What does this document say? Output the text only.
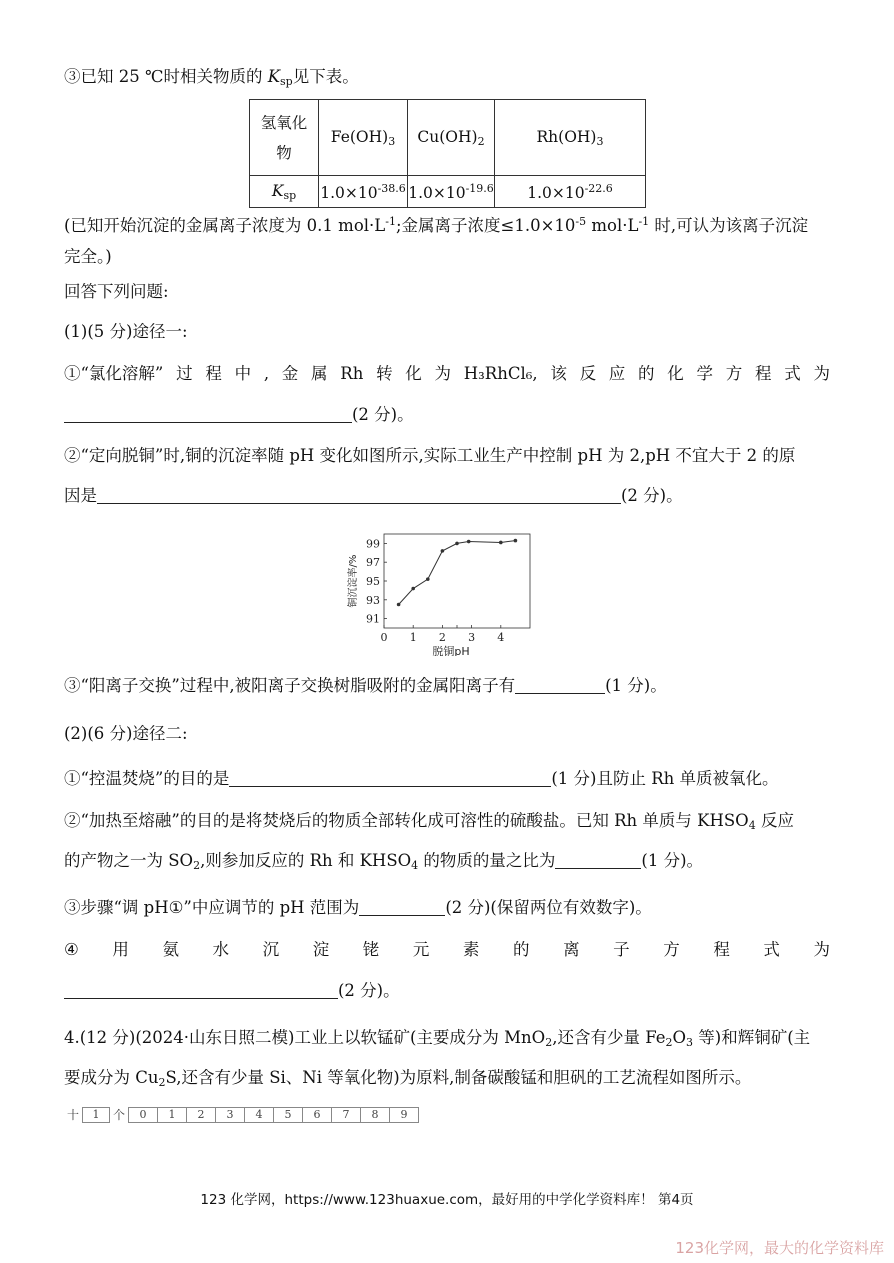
③已知 25 ℃时相关物质的 $K_{sp}$见下表。
氢氧化物	$Fe(OH)_3$	$Cu(OH)_2$	$Rh(OH)_3$
$K_{sp}$	$1.0\times 10^{-38.6}$	$1.0\times 10^{-19.6}$	$1.0\times 10^{-22.6}$
(已知开始沉淀的金属离子浓度为 0.1 $mol\cdot L^{-1}$;金属离子浓度$\le 1.0\times 10^{-5}$ $mol\cdot L^{-1}$ 时,可认为该离子沉淀
完全。)
回答下列问题:
(1)(5 分)途径一:
①“氯化溶解” 过 程 中 , 金 属 Rh 转 化 为 H₃RhCl₆, 该 反 应 的 化 学 方 程 式 为
(2 分)。
②“定向脱铜”时,铜的沉淀率随 pH 变化如图所示,实际工业生产中控制 pH 为 2,pH 不宜大于 2 的原
因是	(2 分)。
91
93
95
97
99
0 1 2 3 4
脱铜pH
铜沉淀率/%
③“阳离子交换”过程中,被阳离子交换树脂吸附的金属阳离子有	(1 分)。
(2)(6 分)途径二:
①“控温焚烧”的目的是	(1 分)且防止 Rh 单质被氧化。
②“加热至熔融”的目的是将焚烧后的物质全部转化成可溶性的硫酸盐。已知 Rh 单质与 $KHSO_4$ 反应
的产物之一为 $SO_2$,则参加反应的 Rh 和 $KHSO_4$ 的物质的量之比为	(1 分)。
③步骤“调 pH①”中应调节的 pH 范围为	(2 分)(保留两位有效数字)。
④ 用 氨 水 沉 淀 铑 元 素 的 离 子 方 程 式 为
(2 分)。
4.(12 分)(2024·山东日照二模)工业上以软锰矿(主要成分为 MnO$_2$,还含有少量 $Fe_2O_3$ 等)和辉铜矿(主
要成分为 $Cu_2S$,还含有少量 Si、Ni 等氧化物)为原料,制备碳酸锰和胆矾的工艺流程如图所示。
十	1	个	0	1	2	3	4	5	6	7	8	9
123 化学网，https://www.123huaxue.com，最好用的中学化学资料库！ 第4页
123化学网，最大的化学资料库
